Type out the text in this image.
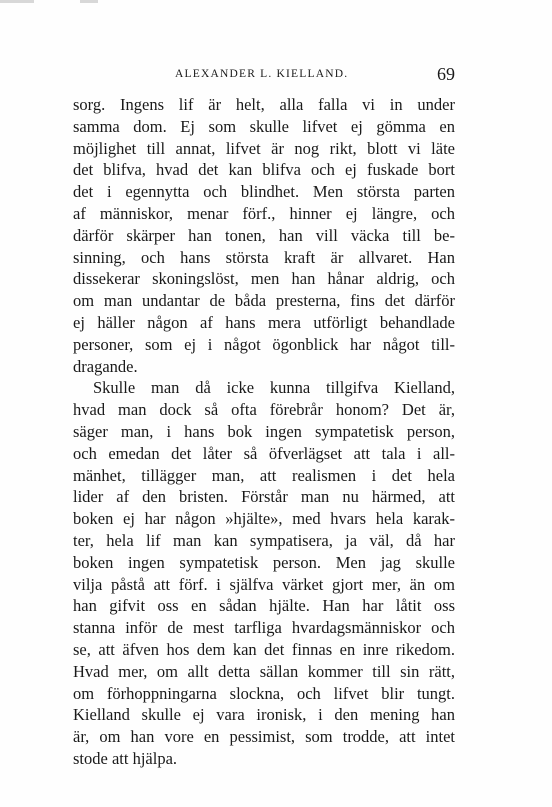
ALEXANDER L. KIELLAND.	69
sorg. Ingens lif är helt, alla falla vi in under
samma dom. Ej som skulle lifvet ej gömma en
möjlighet till annat, lifvet är nog rikt, blott vi läte
det blifva, hvad det kan blifva och ej fuskade bort
det i egennytta och blindhet. Men största parten
af människor, menar förf., hinner ej längre, och
därför skärper han tonen, han vill väcka till be-
sinning, och hans största kraft är allvaret. Han
dissekerar skoningslöst, men han hånar aldrig, och
om man undantar de båda presterna, fins det därför
ej häller någon af hans mera utförligt behandlade
personer, som ej i något ögonblick har något till-
dragande.
Skulle man då icke kunna tillgifva Kielland,
hvad man dock så ofta förebrår honom? Det är,
säger man, i hans bok ingen sympatetisk person,
och emedan det låter så öfverlägset att tala i all-
mänhet, tillägger man, att realismen i det hela
lider af den bristen. Förstår man nu härmed, att
boken ej har någon »hjälte», med hvars hela karak-
ter, hela lif man kan sympatisera, ja väl, då har
boken ingen sympatetisk person. Men jag skulle
vilja påstå att förf. i själfva värket gjort mer, än om
han gifvit oss en sådan hjälte. Han har låtit oss
stanna inför de mest tarfliga hvardagsmänniskor och
se, att äfven hos dem kan det finnas en inre rikedom.
Hvad mer, om allt detta sällan kommer till sin rätt,
om förhoppningarna slockna, och lifvet blir tungt.
Kielland skulle ej vara ironisk, i den mening han
är, om han vore en pessimist, som trodde, att intet
stode att hjälpa.
